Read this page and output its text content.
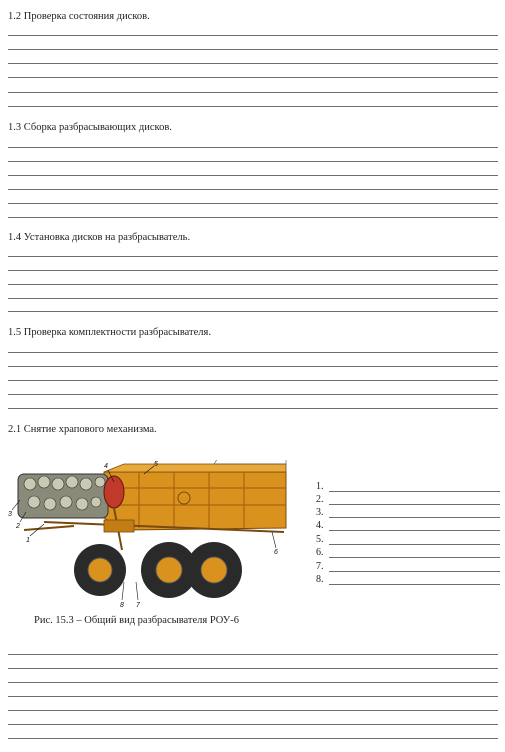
1.2 Проверка состояния дисков.
1.3 Сборка разбрасывающих дисков.
1.4 Установка дисков на разбрасыватель.
1.5 Проверка комплектности разбрасывателя.
2.1 Снятие храпового механизма.
1
2
3
4	5
6
7
8
1.
2.
3.
4.
5.
6.
7.
8.
Рис. 15.3 – Общий вид разбрасывателя РОУ-6
